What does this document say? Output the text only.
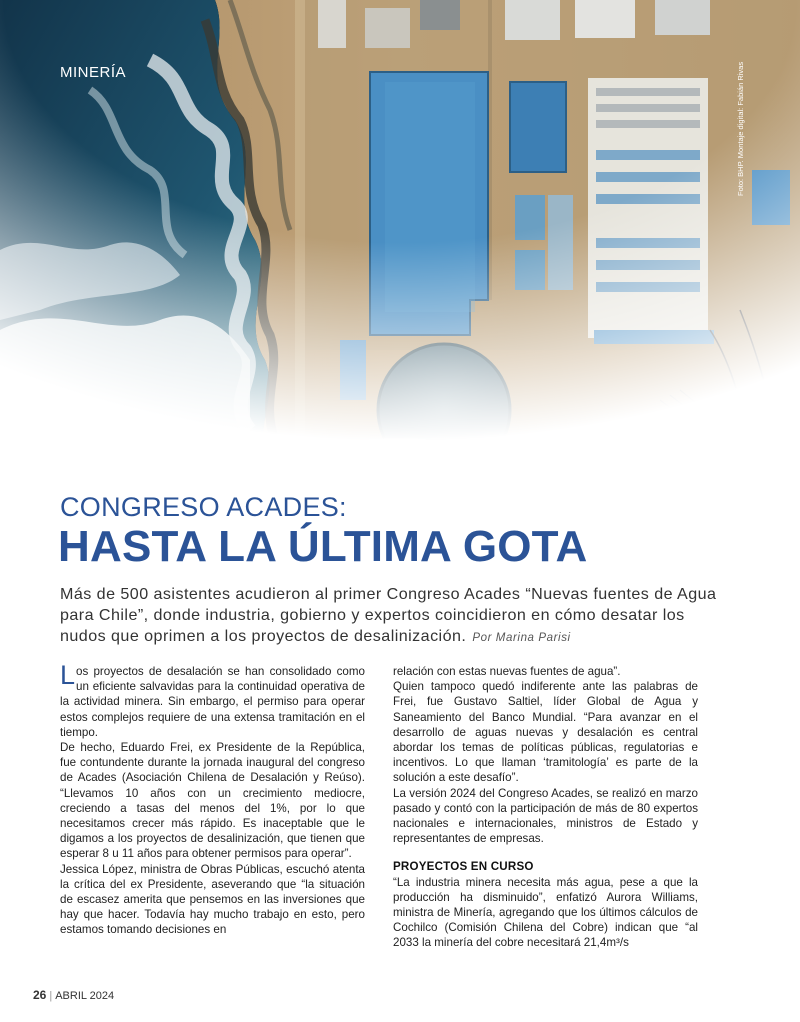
MINERÍA	Foto: BHP. Montaje digital: Fabián Rivas
CONGRESO ACADES:
HASTA LA ÚLTIMA GOTA
Más de 500 asistentes acudieron al primer Congreso Acades “Nuevas fuentes de Agua para Chile”, donde industria, gobierno y expertos coincidieron en cómo desatar los nudos que oprimen a los proyectos de desalinización. Por Marina Parisi

Los proyectos de desalación se han consolidado como un eficiente salvavidas para la continuidad operativa de la actividad minera. Sin embargo, el permiso para operar estos complejos requiere de una extensa tramitación en el tiempo.

De hecho, Eduardo Frei, ex Presidente de la República, fue contundente durante la jornada inaugural del congreso de Acades (Asociación Chilena de Desalación y Reúso). “Llevamos 10 años con un crecimiento mediocre, creciendo a tasas del menos del 1%, por lo que necesitamos crecer más rápido. Es inaceptable que le digamos a los proyectos de desalinización, que tienen que esperar 8 u 11 años para obtener permisos para operar”.

Jessica López, ministra de Obras Públicas, escuchó atenta la crítica del ex Presidente, aseverando que “la situación de escasez amerita que pensemos en las inversiones que hay que hacer. Todavía hay mucho trabajo en esto, pero estamos tomando decisiones en

relación con estas nuevas fuentes de agua”.

Quien tampoco quedó indiferente ante las palabras de Frei, fue Gustavo Saltiel, líder Global de Agua y Saneamiento del Banco Mundial. “Para avanzar en el desarrollo de aguas nuevas y desalación es central abordar los temas de políticas públicas, regulatorias e incentivos. Lo que llaman ‘tramitología’ es parte de la solución a este desafío”.

La versión 2024 del Congreso Acades, se realizó en marzo pasado y contó con la participación de más de 80 expertos nacionales e internacionales, ministros de Estado y representantes de empresas.

PROYECTOS EN CURSO

“La industria minera necesita más agua, pese a que la producción ha disminuido”, enfatizó Aurora Williams, ministra de Minería, agregando que los últimos cálculos de Cochilco (Comisión Chilena del Cobre) indican que “al 2033 la minería del cobre necesitará 21,4m³/s

26 | ABRIL 2024
